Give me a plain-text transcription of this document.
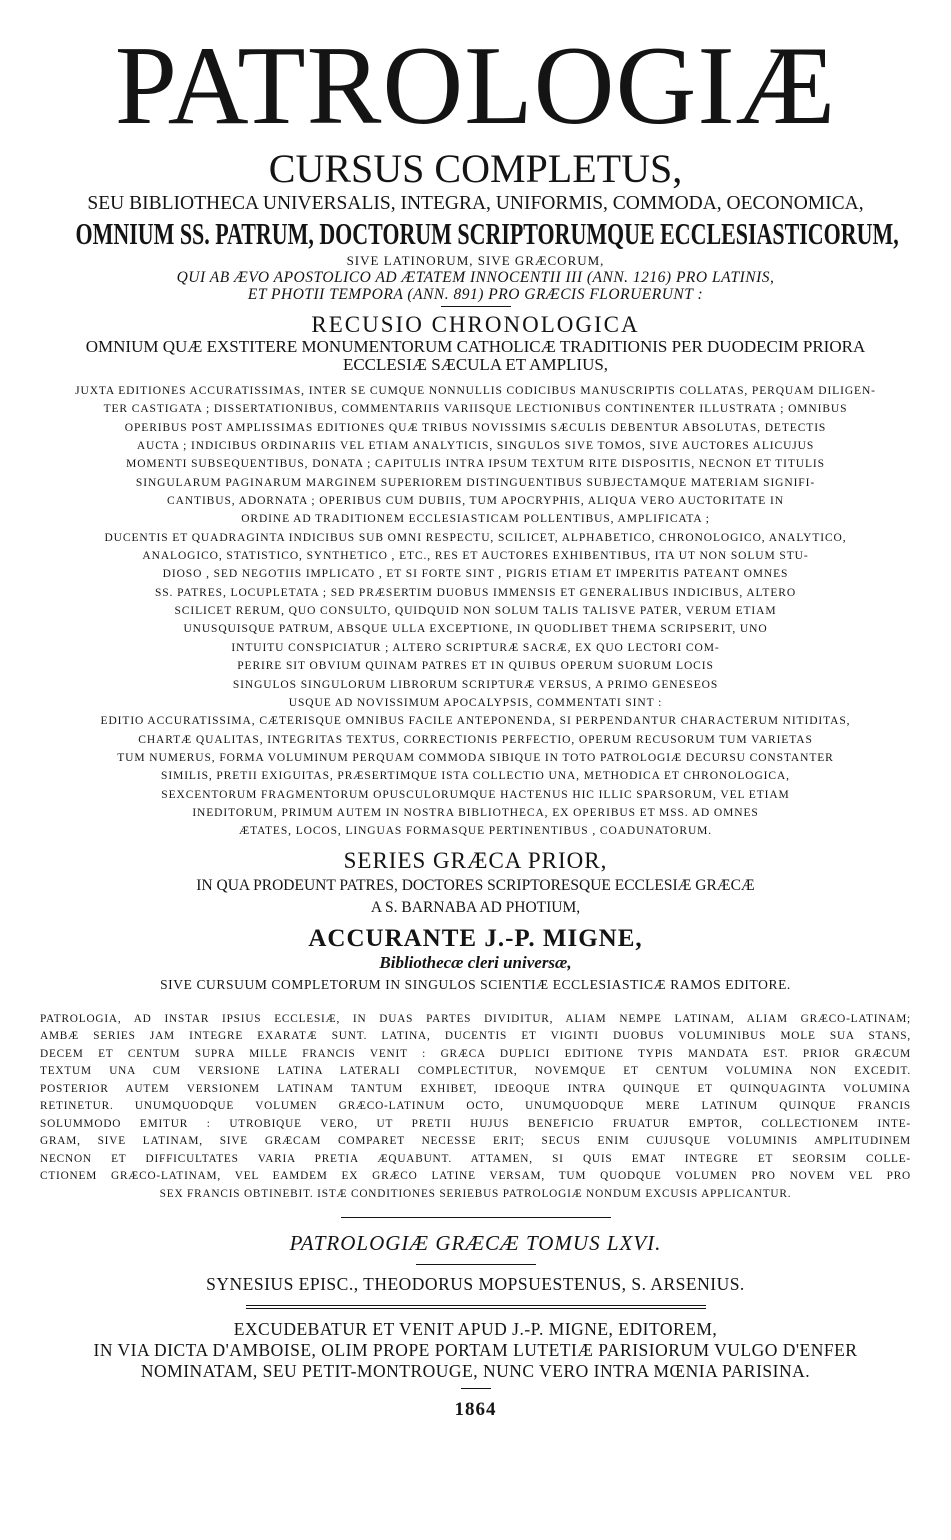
PATROLOGIÆ
CURSUS COMPLETUS,
SEU BIBLIOTHECA UNIVERSALIS, INTEGRA, UNIFORMIS, COMMODA, OECONOMICA,
OMNIUM SS. PATRUM, DOCTORUM SCRIPTORUMQUE ECCLESIASTICORUM,
SIVE LATINORUM, SIVE GRÆCORUM,
QUI AB ÆVO APOSTOLICO AD ÆTATEM INNOCENTII III (ANN. 1216) PRO LATINIS,
ET PHOTII TEMPORA (ANN. 891) PRO GRÆCIS FLORUERUNT :
RECUSIO CHRONOLOGICA
OMNIUM QUÆ EXSTITERE MONUMENTORUM CATHOLICÆ TRADITIONIS PER DUODECIM PRIORA
ECCLESIÆ SÆCULA ET AMPLIUS,
JUXTA EDITIONES ACCURATISSIMAS, INTER SE CUMQUE NONNULLIS CODICIBUS MANUSCRIPTIS COLLATAS, PERQUAM DILIGEN-
TER CASTIGATA ; DISSERTATIONIBUS, COMMENTARIIS VARIISQUE LECTIONIBUS CONTINENTER ILLUSTRATA ; OMNIBUS
OPERIBUS POST AMPLISSIMAS EDITIONES QUÆ TRIBUS NOVISSIMIS SÆCULIS DEBENTUR ABSOLUTAS, DETECTIS
AUCTA ; INDICIBUS ORDINARIIS VEL ETIAM ANALYTICIS, SINGULOS SIVE TOMOS, SIVE AUCTORES ALICUJUS
MOMENTI SUBSEQUENTIBUS, DONATA ; CAPITULIS INTRA IPSUM TEXTUM RITE DISPOSITIS, NECNON ET TITULIS
SINGULARUM PAGINARUM MARGINEM SUPERIOREM DISTINGUENTIBUS SUBJECTAMQUE MATERIAM SIGNIFI-
CANTIBUS, ADORNATA ; OPERIBUS CUM DUBIIS, TUM APOCRYPHIS, ALIQUA VERO AUCTORITATE IN
ORDINE AD TRADITIONEM ECCLESIASTICAM POLLENTIBUS, AMPLIFICATA ;
DUCENTIS ET QUADRAGINTA INDICIBUS SUB OMNI RESPECTU, SCILICET, ALPHABETICO, CHRONOLOGICO, ANALYTICO,
ANALOGICO, STATISTICO, SYNTHETICO , ETC., RES ET AUCTORES EXHIBENTIBUS, ITA UT NON SOLUM STU-
DIOSO , SED NEGOTIIS IMPLICATO , ET SI FORTE SINT , PIGRIS ETIAM ET IMPERITIS PATEANT OMNES
SS. PATRES, LOCUPLETATA ; SED PRÆSERTIM DUOBUS IMMENSIS ET GENERALIBUS INDICIBUS, ALTERO
SCILICET RERUM, QUO CONSULTO, QUIDQUID NON SOLUM TALIS TALISVE PATER, VERUM ETIAM
UNUSQUISQUE PATRUM, ABSQUE ULLA EXCEPTIONE, IN QUODLIBET THEMA SCRIPSERIT, UNO
INTUITU CONSPICIATUR ; ALTERO SCRIPTURÆ SACRÆ, EX QUO LECTORI COM-
PERIRE SIT OBVIUM QUINAM PATRES ET IN QUIBUS OPERUM SUORUM LOCIS
SINGULOS SINGULORUM LIBRORUM SCRIPTURÆ VERSUS, A PRIMO GENESEOS
USQUE AD NOVISSIMUM APOCALYPSIS, COMMENTATI SINT :
EDITIO ACCURATISSIMA, CÆTERISQUE OMNIBUS FACILE ANTEPONENDA, SI PERPENDANTUR CHARACTERUM NITIDITAS,
CHARTÆ QUALITAS, INTEGRITAS TEXTUS, CORRECTIONIS PERFECTIO, OPERUM RECUSORUM TUM VARIETAS
TUM NUMERUS, FORMA VOLUMINUM PERQUAM COMMODA SIBIQUE IN TOTO PATROLOGIÆ DECURSU CONSTANTER
SIMILIS, PRETII EXIGUITAS, PRÆSERTIMQUE ISTA COLLECTIO UNA, METHODICA ET CHRONOLOGICA,
SEXCENTORUM FRAGMENTORUM OPUSCULORUMQUE HACTENUS HIC ILLIC SPARSORUM, VEL ETIAM
INEDITORUM, PRIMUM AUTEM IN NOSTRA BIBLIOTHECA, EX OPERIBUS ET MSS. AD OMNES
ÆTATES, LOCOS, LINGUAS FORMASQUE PERTINENTIBUS , COADUNATORUM.
SERIES GRÆCA PRIOR,
IN QUA PRODEUNT PATRES, DOCTORES SCRIPTORESQUE ECCLESIÆ GRÆCÆ
A S. BARNABA AD PHOTIUM,
ACCURANTE J.-P. MIGNE,
Bibliothecæ cleri universæ,
SIVE CURSUUM COMPLETORUM IN SINGULOS SCIENTIÆ ECCLESIASTICÆ RAMOS EDITORE.
PATROLOGIA, AD INSTAR IPSIUS ECCLESIÆ, IN DUAS PARTES DIVIDITUR, ALIAM NEMPE LATINAM, ALIAM GRÆCO-LATINAM;
AMBÆ SERIES JAM INTEGRE EXARATÆ SUNT. LATINA, DUCENTIS ET VIGINTI DUOBUS VOLUMINIBUS MOLE SUA STANS,
DECEM ET CENTUM SUPRA MILLE FRANCIS VENIT : GRÆCA DUPLICI EDITIONE TYPIS MANDATA EST. PRIOR GRÆCUM
TEXTUM UNA CUM VERSIONE LATINA LATERALI COMPLECTITUR, NOVEMQUE ET CENTUM VOLUMINA NON EXCEDIT.
POSTERIOR AUTEM VERSIONEM LATINAM TANTUM EXHIBET, IDEOQUE INTRA QUINQUE ET QUINQUAGINTA VOLUMINA
RETINETUR. UNUMQUODQUE VOLUMEN GRÆCO-LATINUM OCTO, UNUMQUODQUE MERE LATINUM QUINQUE FRANCIS
SOLUMMODO EMITUR : UTROBIQUE VERO, UT PRETII HUJUS BENEFICIO FRUATUR EMPTOR, COLLECTIONEM INTE-
GRAM, SIVE LATINAM, SIVE GRÆCAM COMPARET NECESSE ERIT; SECUS ENIM CUJUSQUE VOLUMINIS AMPLITUDINEM
NECNON ET DIFFICULTATES VARIA PRETIA ÆQUABUNT. ATTAMEN, SI QUIS EMAT INTEGRE ET SEORSIM COLLE-
CTIONEM GRÆCO-LATINAM, VEL EAMDEM EX GRÆCO LATINE VERSAM, TUM QUODQUE VOLUMEN PRO NOVEM VEL PRO
SEX FRANCIS OBTINEBIT. ISTÆ CONDITIONES SERIEBUS PATROLOGIÆ NONDUM EXCUSIS APPLICANTUR.
PATROLOGIÆ GRÆCÆ TOMUS LXVI.
SYNESIUS EPISC., THEODORUS MOPSUESTENUS, S. ARSENIUS.
EXCUDEBATUR ET VENIT APUD J.-P. MIGNE, EDITOREM,
IN VIA DICTA D'AMBOISE, OLIM PROPE PORTAM LUTETIÆ PARISIORUM VULGO D'ENFER
NOMINATAM, SEU PETIT-MONTROUGE, NUNC VERO INTRA MŒNIA PARISINA.
1864
